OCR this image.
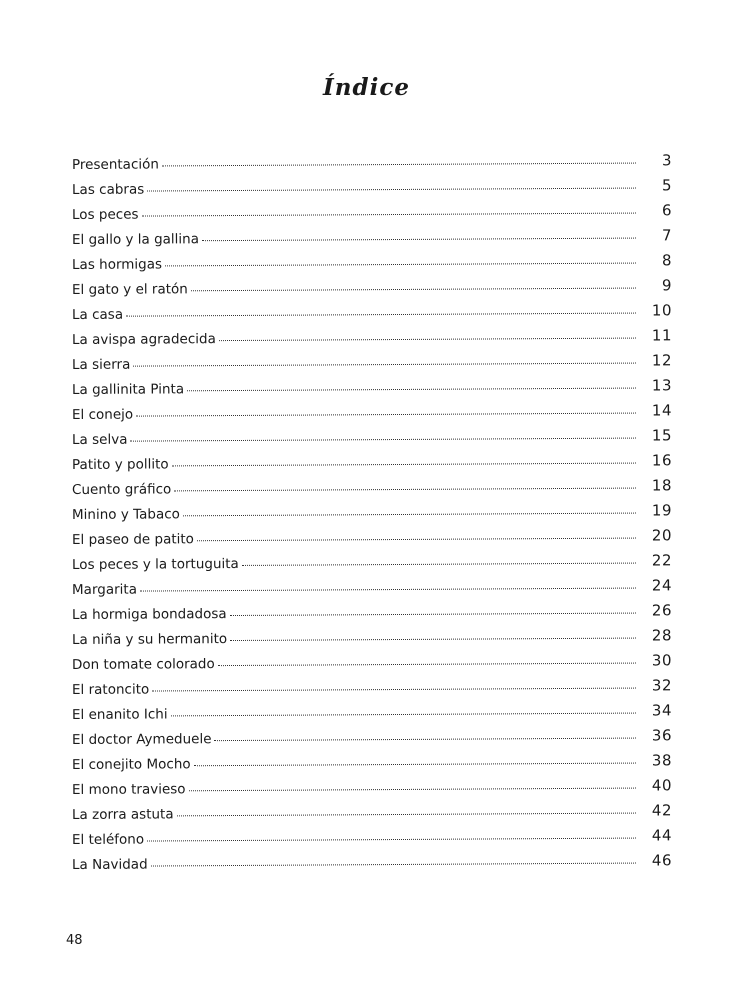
Índice
Presentación	3
Las cabras	5
Los peces	6
El gallo y la gallina	7
Las hormigas	8
El gato y el ratón	9
La casa	10
La avispa agradecida	11
La sierra	12
La gallinita Pinta	13
El conejo	14
La selva	15
Patito y pollito	16
Cuento gráfico	18
Minino y Tabaco	19
El paseo de patito	20
Los peces y la tortuguita	22
Margarita	24
La hormiga bondadosa	26
La niña y su hermanito	28
Don tomate colorado	30
El ratoncito	32
El enanito Ichi	34
El doctor Aymeduele	36
El conejito Mocho	38
El mono travieso	40
La zorra astuta	42
El teléfono	44
La Navidad	46
48
